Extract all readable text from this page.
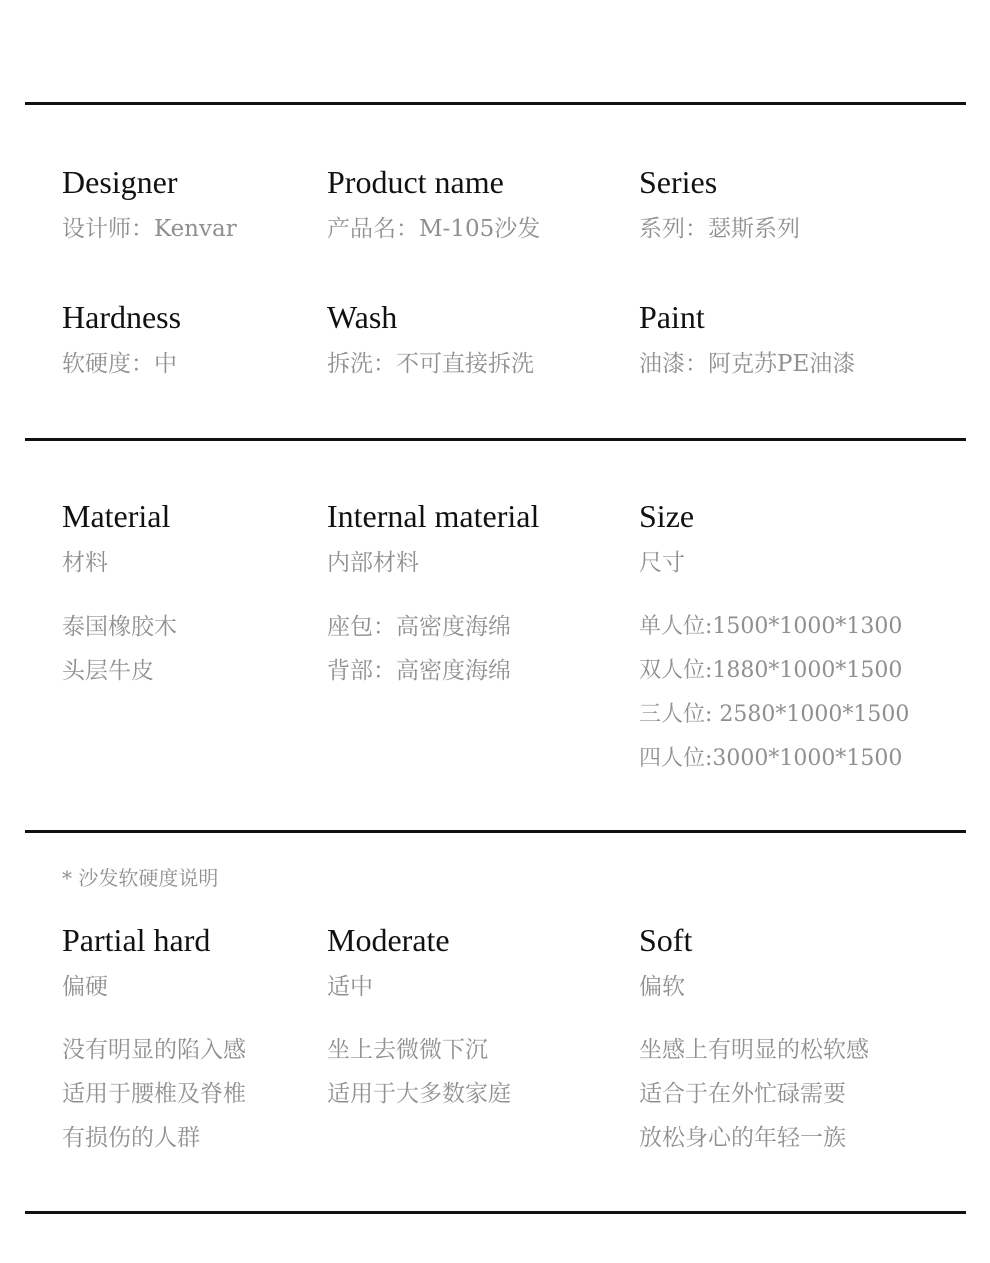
Designer
设计师：Kenvar
Product name
产品名：M-105沙发
Series
系列：瑟斯系列
Hardness
软硬度：中
Wash
拆洗：不可直接拆洗
Paint
油漆：阿克苏PE油漆
Material
材料
泰国橡胶木
头层牛皮
Internal material
内部材料
座包：高密度海绵
背部：高密度海绵
Size
尺寸
单人位:1500*1000*1300
双人位:1880*1000*1500
三人位: 2580*1000*1500
四人位:3000*1000*1500
* 沙发软硬度说明
Partial hard
偏硬
没有明显的陷入感
适用于腰椎及脊椎
有损伤的人群
Moderate
适中
坐上去微微下沉
适用于大多数家庭
Soft
偏软
坐感上有明显的松软感
适合于在外忙碌需要
放松身心的年轻一族
